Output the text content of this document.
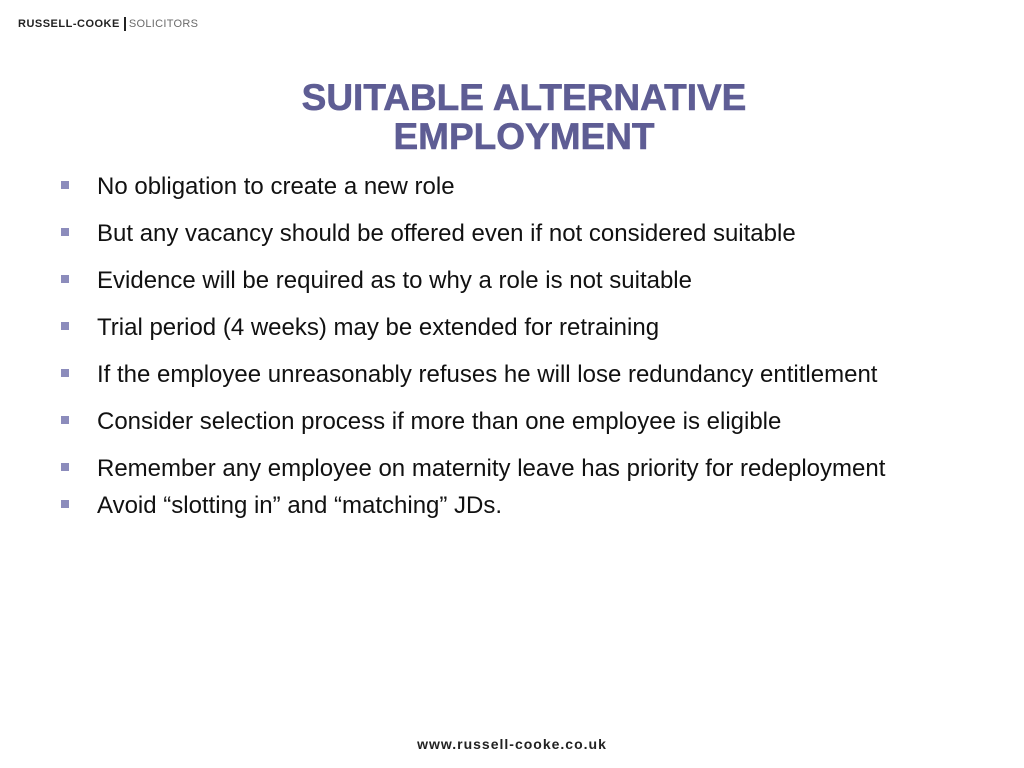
RUSSELL-COOKE SOLICITORS
SUITABLE ALTERNATIVE
EMPLOYMENT
No obligation to create a new role
But any vacancy should be offered even if not considered suitable
Evidence will be required as to why a role is not suitable
Trial period (4 weeks) may be extended for retraining
If the employee unreasonably refuses he will lose redundancy entitlement
Consider selection process if more than one employee is eligible
Remember any employee on maternity leave has priority for redeployment
Avoid “slotting in” and “matching” JDs.
www.russell-cooke.co.uk
